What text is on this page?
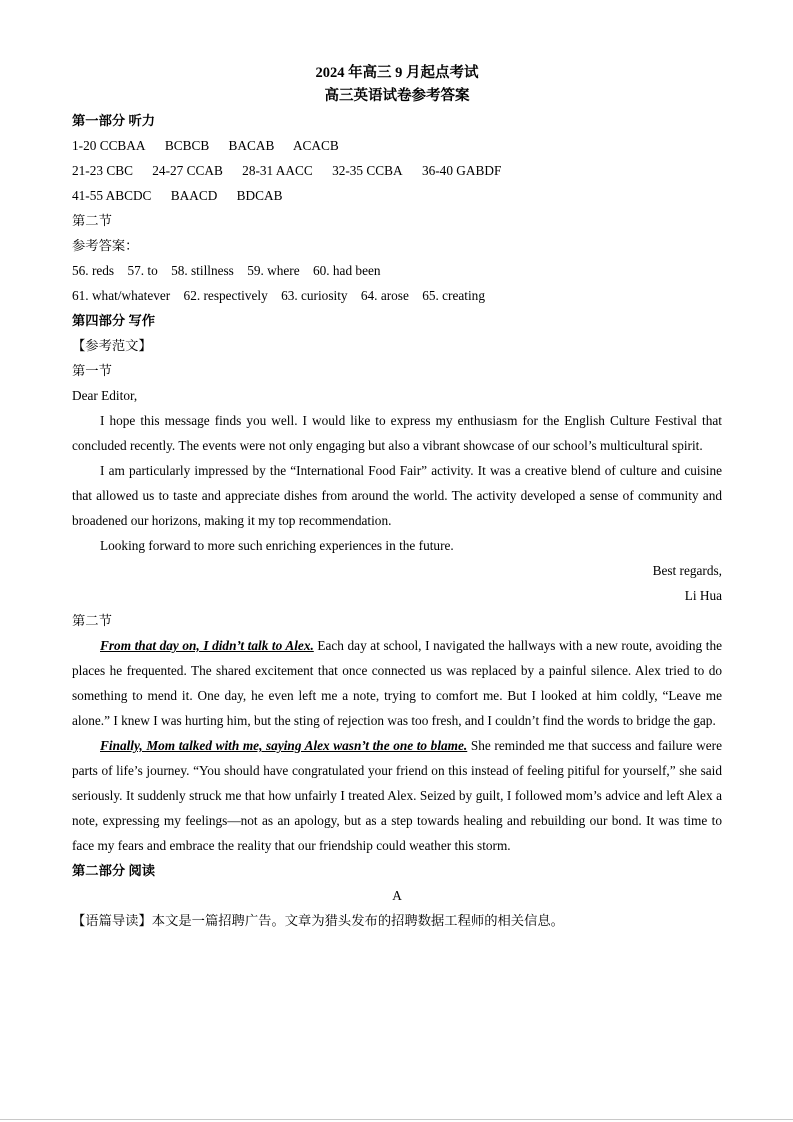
2024 年高三 9 月起点考试
高三英语试卷参考答案
第一部分 听力
1-20 CCBAA BCBCB BACAB ACACB
21-23 CBC 24-27 CCAB 28-31 AACC 32-35 CCBA 36-40 GABDF
41-55 ABCDC BAACD BDCAB
第二节
参考答案：
56. reds 57. to 58. stillness 59. where 60. had been
61. what/whatever 62. respectively 63. curiosity 64. arose 65. creating
第四部分 写作
【参考范文】
第一节
Dear Editor,

I hope this message finds you well. I would like to express my enthusiasm for the English Culture Festival that concluded recently. The events were not only engaging but also a vibrant showcase of our school’s multicultural spirit.

I am particularly impressed by the “International Food Fair” activity. It was a creative blend of culture and cuisine that allowed us to taste and appreciate dishes from around the world. The activity developed a sense of community and broadened our horizons, making it my top recommendation.

Looking forward to more such enriching experiences in the future.

Best regards,
Li Hua
第二节

From that day on, I didn’t talk to Alex. Each day at school, I navigated the hallways with a new route, avoiding the places he frequented. The shared excitement that once connected us was replaced by a painful silence. Alex tried to do something to mend it. One day, he even left me a note, trying to comfort me. But I looked at him coldly, “Leave me alone.” I knew I was hurting him, but the sting of rejection was too fresh, and I couldn’t find the words to bridge the gap.

Finally, Mom talked with me, saying Alex wasn’t the one to blame. She reminded me that success and failure were parts of life’s journey. “You should have congratulated your friend on this instead of feeling pitiful for yourself,” she said seriously. It suddenly struck me that how unfairly I treated Alex. Seized by guilt, I followed mom’s advice and left Alex a note, expressing my feelings—not as an apology, but as a step towards healing and rebuilding our bond. It was time to face my fears and embrace the reality that our friendship could weather this storm.

第二部分 阅读
A
【语篇导读】本文是一篇招聘广告。文章为猎头发布的招聘数据工程师的相关信息。
